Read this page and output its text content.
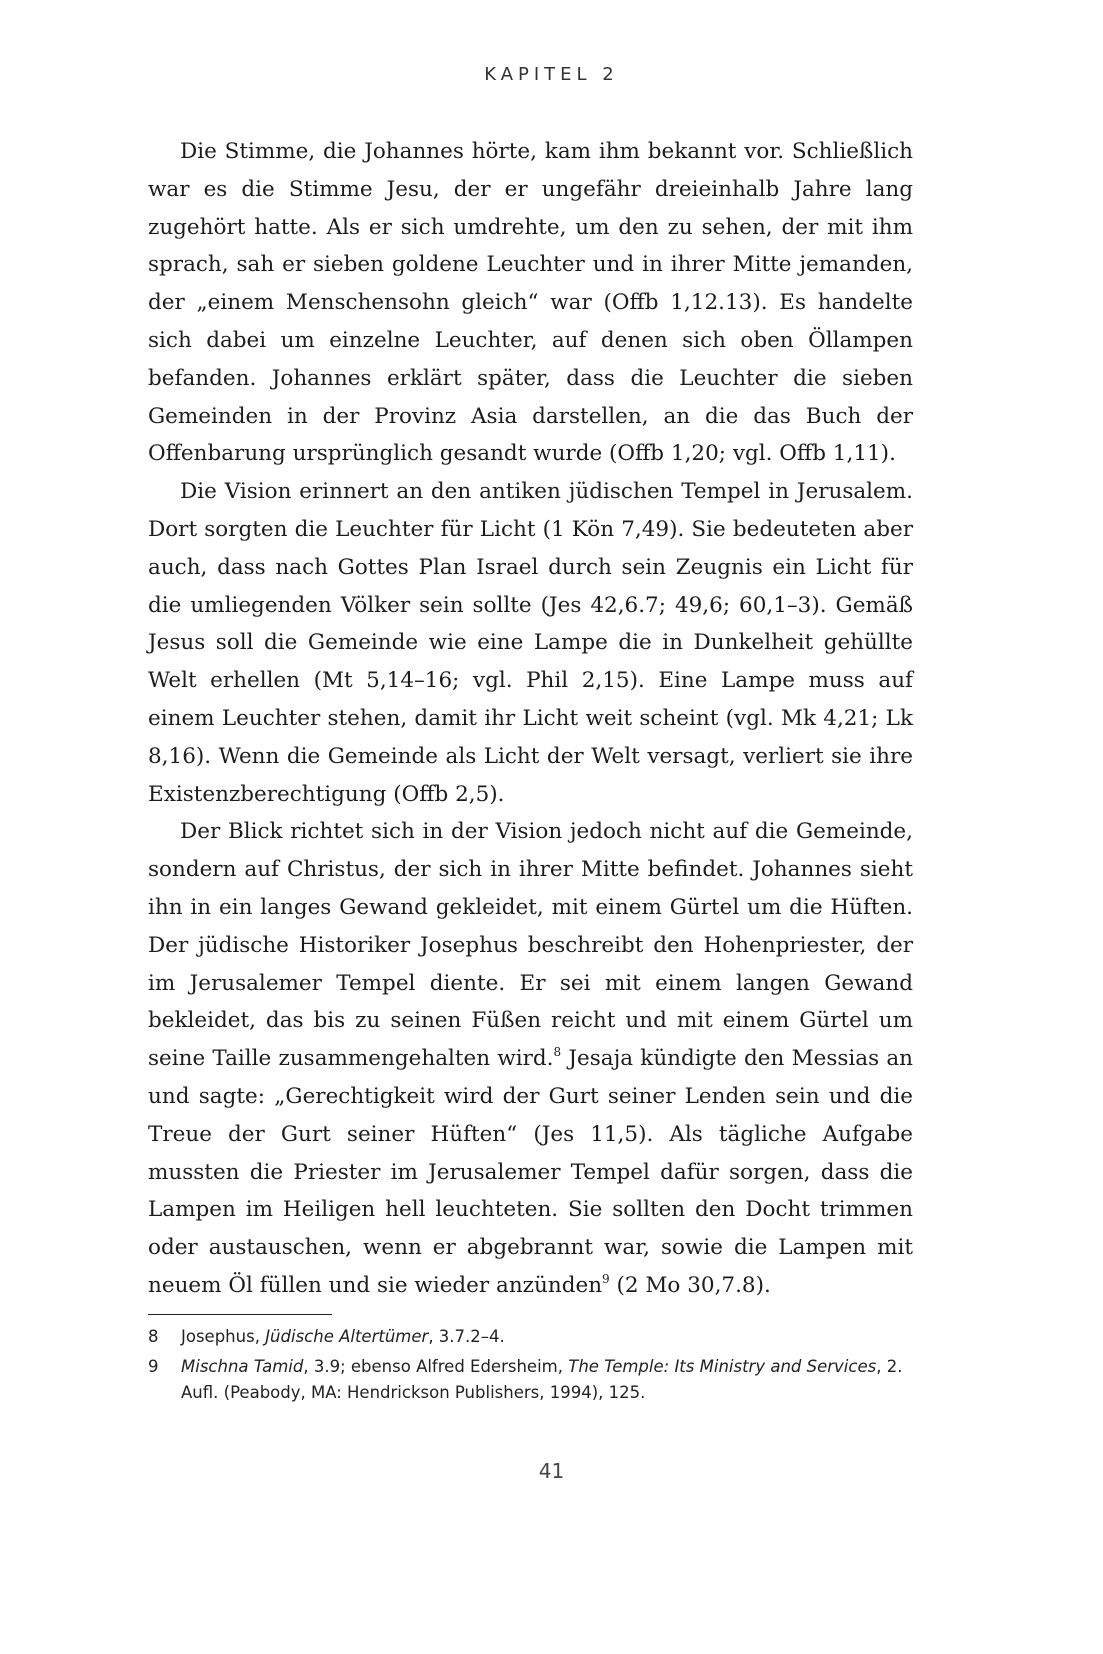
KAPITEL 2

Die Stimme, die Johannes hörte, kam ihm bekannt vor. Schließlich war es die Stimme Jesu, der er ungefähr dreieinhalb Jahre lang zugehört hatte. Als er sich umdrehte, um den zu sehen, der mit ihm sprach, sah er sieben goldene Leuchter und in ihrer Mitte jemanden, der „einem Menschensohn gleich“ war (Offb 1,12.13). Es handelte sich dabei um einzelne Leuchter, auf denen sich oben Öllampen befanden. Johannes erklärt später, dass die Leuchter die sieben Gemeinden in der Provinz Asia darstellen, an die das Buch der Offenbarung ursprünglich gesandt wurde (Offb 1,20; vgl. Offb 1,11).

Die Vision erinnert an den antiken jüdischen Tempel in Jerusalem. Dort sorgten die Leuchter für Licht (1 Kön 7,49). Sie bedeuteten aber auch, dass nach Gottes Plan Israel durch sein Zeugnis ein Licht für die umliegenden Völker sein sollte (Jes 42,6.7; 49,6; 60,1–3). Gemäß Jesus soll die Gemeinde wie eine Lampe die in Dunkelheit gehüllte Welt erhellen (Mt 5,14–16; vgl. Phil 2,15). Eine Lampe muss auf einem Leuchter stehen, damit ihr Licht weit scheint (vgl. Mk 4,21; Lk 8,16). Wenn die Gemeinde als Licht der Welt versagt, verliert sie ihre Existenzberechtigung (Offb 2,5).

Der Blick richtet sich in der Vision jedoch nicht auf die Gemeinde, sondern auf Christus, der sich in ihrer Mitte befindet. Johannes sieht ihn in ein langes Gewand gekleidet, mit einem Gürtel um die Hüften. Der jüdische Historiker Josephus beschreibt den Hohenpriester, der im Jerusalemer Tempel diente. Er sei mit einem langen Gewand bekleidet, das bis zu seinen Füßen reicht und mit einem Gürtel um seine Taille zusammengehalten wird.$^8$ Jesaja kündigte den Messias an und sagte: „Gerechtigkeit wird der Gurt seiner Lenden sein und die Treue der Gurt seiner Hüften“ (Jes 11,5). Als tägliche Aufgabe mussten die Priester im Jerusalemer Tempel dafür sorgen, dass die Lampen im Heiligen hell leuchteten. Sie sollten den Docht trimmen oder austauschen, wenn er abgebrannt war, sowie die Lampen mit neuem Öl füllen und sie wieder anzünden$^9$ (2 Mo 30,7.8).

8	Josephus, Jüdische Altertümer, 3.7.2–4.
9	Mischna Tamid, 3.9; ebenso Alfred Edersheim, The Temple: Its Ministry and Services, 2. Aufl. (Peabody, MA: Hendrickson Publishers, 1994), 125.
41
